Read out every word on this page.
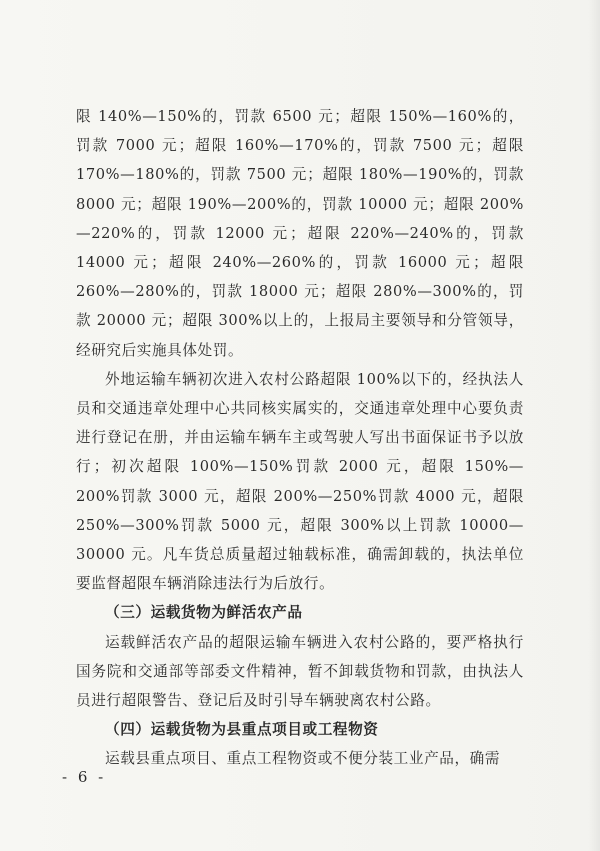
限 140%—150%的，罚款 6500 元；超限 150%—160%的，罚款 7000 元；超限 160%—170%的，罚款 7500 元；超限 170%—180%的，罚款 7500 元；超限 180%—190%的，罚款 8000 元；超限 190%—200%的，罚款 10000 元；超限 200%—220%的，罚款 12000 元；超限 220%—240%的，罚款 14000 元；超限 240%—260%的，罚款 16000 元；超限 260%—280%的，罚款 18000 元；超限 280%—300%的，罚款 20000 元；超限 300%以上的，上报局主要领导和分管领导，经研究后实施具体处罚。

外地运输车辆初次进入农村公路超限 100%以下的，经执法人员和交通违章处理中心共同核实属实的，交通违章处理中心要负责进行登记在册，并由运输车辆车主或驾驶人写出书面保证书予以放行；初次超限 100%—150%罚款 2000 元，超限 150%—200%罚款 3000 元，超限 200%—250%罚款 4000 元，超限 250%—300%罚款 5000 元，超限 300%以上罚款 10000—30000 元。凡车货总质量超过轴载标准，确需卸载的，执法单位要监督超限车辆消除违法行为后放行。

（三）运载货物为鲜活农产品

运载鲜活农产品的超限运输车辆进入农村公路的，要严格执行国务院和交通部等部委文件精神，暂不卸载货物和罚款，由执法人员进行超限警告、登记后及时引导车辆驶离农村公路。

（四）运载货物为县重点项目或工程物资

运载县重点项目、重点工程物资或不便分装工业产品，确需

- 6 -
